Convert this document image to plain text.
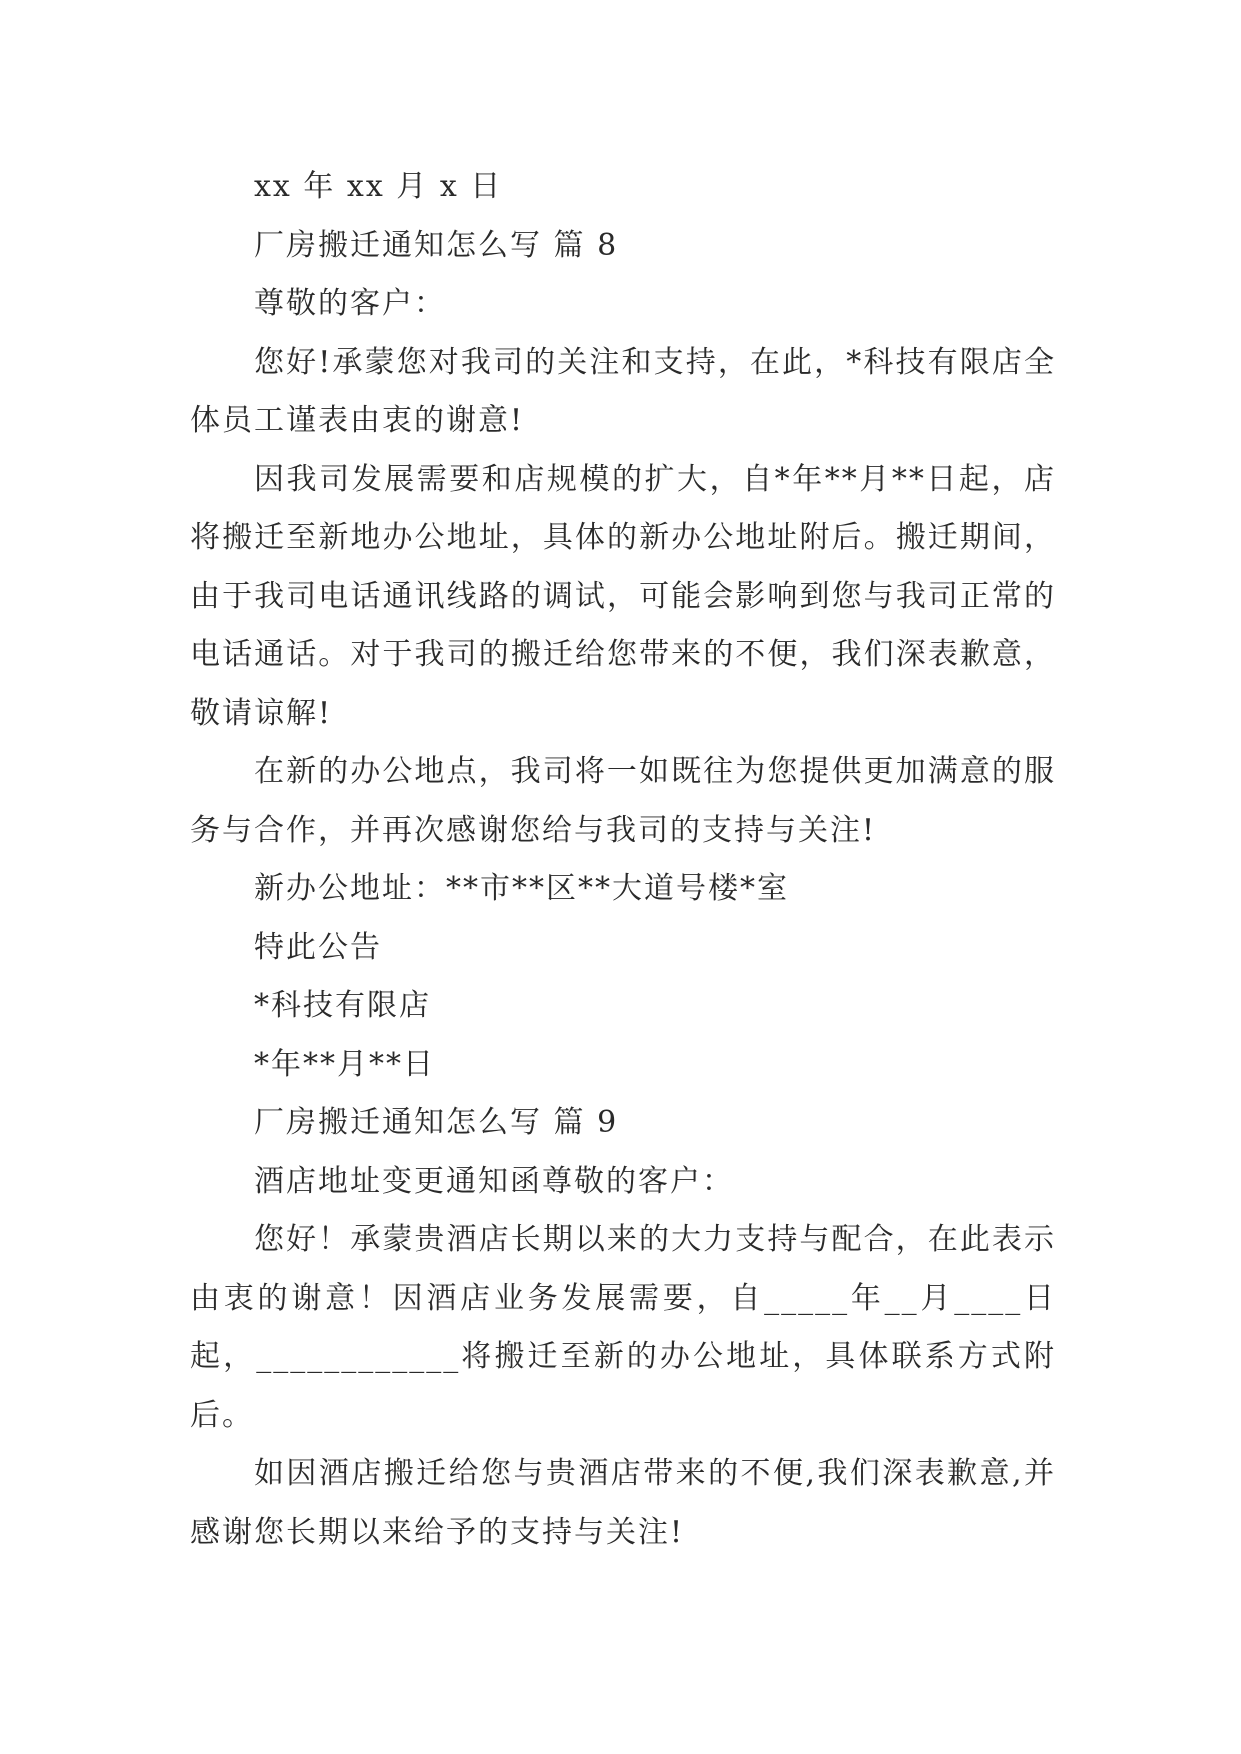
xx 年 xx 月 x 日

厂房搬迁通知怎么写 篇 8

尊敬的客户：

您好!承蒙您对我司的关注和支持，在此，*科技有限店全体员工谨表由衷的谢意!

因我司发展需要和店规模的扩大，自*年**月**日起，店将搬迁至新地办公地址，具体的新办公地址附后。搬迁期间，由于我司电话通讯线路的调试，可能会影响到您与我司正常的电话通话。对于我司的搬迁给您带来的不便，我们深表歉意，敬请谅解!

在新的办公地点，我司将一如既往为您提供更加满意的服务与合作，并再次感谢您给与我司的支持与关注!

新办公地址：**市**区**大道号楼*室

特此公告

*科技有限店

*年**月**日

厂房搬迁通知怎么写 篇 9

酒店地址变更通知函尊敬的客户：

您好！承蒙贵酒店长期以来的大力支持与配合，在此表示由衷的谢意！因酒店业务发展需要，自_____年__月____日起，____________将搬迁至新的办公地址，具体联系方式附后。

如因酒店搬迁给您与贵酒店带来的不便,我们深表歉意,并感谢您长期以来给予的支持与关注!
